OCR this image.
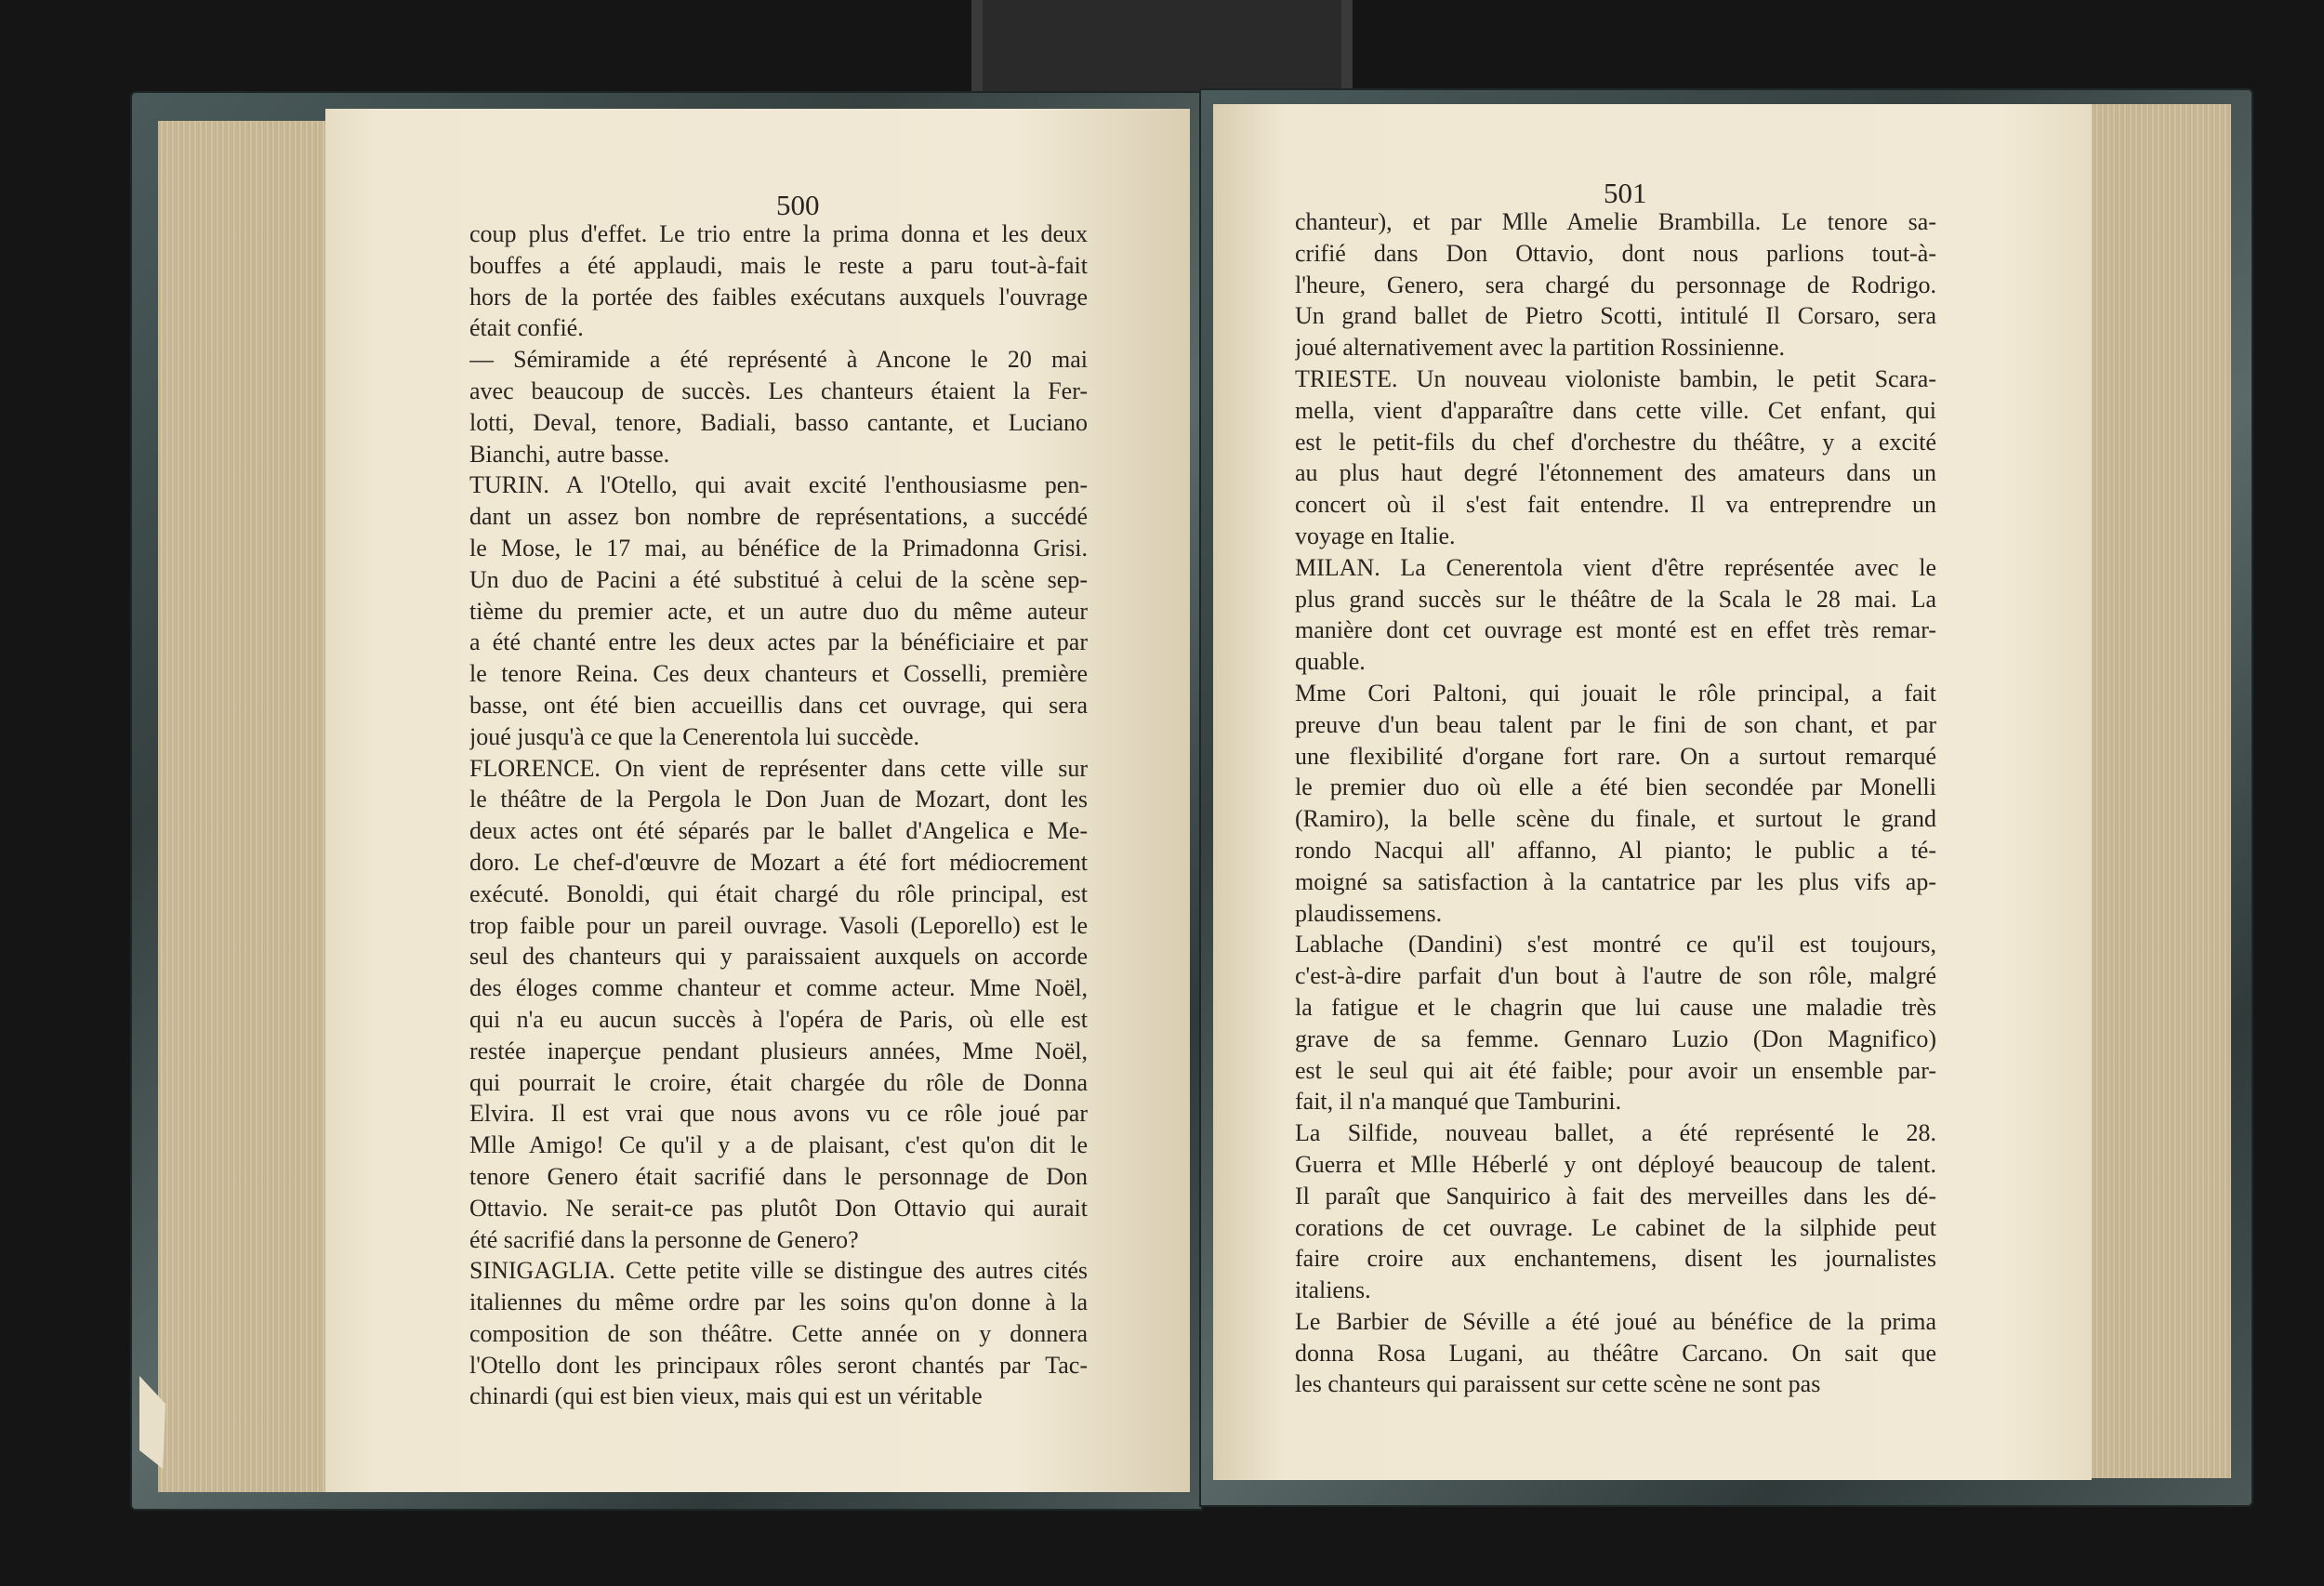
500
coup plus d'effet. Le trio entre la prima donna et les deux
bouffes a été applaudi, mais le reste a paru tout-à-fait
hors de la portée des faibles exécutans auxquels l'ouvrage
était confié.
— Sémiramide a été représenté à Ancone le 20 mai
avec beaucoup de succès. Les chanteurs étaient la Fer-
lotti, Deval, tenore, Badiali, basso cantante, et Luciano
Bianchi, autre basse.
TURIN. A l'Otello, qui avait excité l'enthousiasme pen-
dant un assez bon nombre de représentations, a succédé
le Mose, le 17 mai, au bénéfice de la Primadonna Grisi.
Un duo de Pacini a été substitué à celui de la scène sep-
tième du premier acte, et un autre duo du même auteur
a été chanté entre les deux actes par la bénéficiaire et par
le tenore Reina. Ces deux chanteurs et Cosselli, première
basse, ont été bien accueillis dans cet ouvrage, qui sera
joué jusqu'à ce que la Cenerentola lui succède.
FLORENCE. On vient de représenter dans cette ville sur
le théâtre de la Pergola le Don Juan de Mozart, dont les
deux actes ont été séparés par le ballet d'Angelica e Me-
doro. Le chef-d'œuvre de Mozart a été fort médiocrement
exécuté. Bonoldi, qui était chargé du rôle principal, est
trop faible pour un pareil ouvrage. Vasoli (Leporello) est le
seul des chanteurs qui y paraissaient auxquels on accorde
des éloges comme chanteur et comme acteur. Mme Noël,
qui n'a eu aucun succès à l'opéra de Paris, où elle est
restée inaperçue pendant plusieurs années, Mme Noël,
qui pourrait le croire, était chargée du rôle de Donna
Elvira. Il est vrai que nous avons vu ce rôle joué par
Mlle Amigo! Ce qu'il y a de plaisant, c'est qu'on dit le
tenore Genero était sacrifié dans le personnage de Don
Ottavio. Ne serait-ce pas plutôt Don Ottavio qui aurait
été sacrifié dans la personne de Genero?
SINIGAGLIA. Cette petite ville se distingue des autres cités
italiennes du même ordre par les soins qu'on donne à la
composition de son théâtre. Cette année on y donnera
l'Otello dont les principaux rôles seront chantés par Tac-
chinardi (qui est bien vieux, mais qui est un véritable
501
chanteur), et par Mlle Amelie Brambilla. Le tenore sa-
crifié dans Don Ottavio, dont nous parlions tout-à-
l'heure, Genero, sera chargé du personnage de Rodrigo.
Un grand ballet de Pietro Scotti, intitulé Il Corsaro, sera
joué alternativement avec la partition Rossinienne.
TRIESTE. Un nouveau violoniste bambin, le petit Scara-
mella, vient d'apparaître dans cette ville. Cet enfant, qui
est le petit-fils du chef d'orchestre du théâtre, y a excité
au plus haut degré l'étonnement des amateurs dans un
concert où il s'est fait entendre. Il va entreprendre un
voyage en Italie.
MILAN. La Cenerentola vient d'être représentée avec le
plus grand succès sur le théâtre de la Scala le 28 mai. La
manière dont cet ouvrage est monté est en effet très remar-
quable.
Mme Cori Paltoni, qui jouait le rôle principal, a fait
preuve d'un beau talent par le fini de son chant, et par
une flexibilité d'organe fort rare. On a surtout remarqué
le premier duo où elle a été bien secondée par Monelli
(Ramiro), la belle scène du finale, et surtout le grand
rondo Nacqui all' affanno, Al pianto; le public a té-
moigné sa satisfaction à la cantatrice par les plus vifs ap-
plaudissemens.
Lablache (Dandini) s'est montré ce qu'il est toujours,
c'est-à-dire parfait d'un bout à l'autre de son rôle, malgré
la fatigue et le chagrin que lui cause une maladie très
grave de sa femme. Gennaro Luzio (Don Magnifico)
est le seul qui ait été faible; pour avoir un ensemble par-
fait, il n'a manqué que Tamburini.
La Silfide, nouveau ballet, a été représenté le 28.
Guerra et Mlle Héberlé y ont déployé beaucoup de talent.
Il paraît que Sanquirico à fait des merveilles dans les dé-
corations de cet ouvrage. Le cabinet de la silphide peut
faire croire aux enchantemens, disent les journalistes
italiens.
Le Barbier de Séville a été joué au bénéfice de la prima
donna Rosa Lugani, au théâtre Carcano. On sait que
les chanteurs qui paraissent sur cette scène ne sont pas
